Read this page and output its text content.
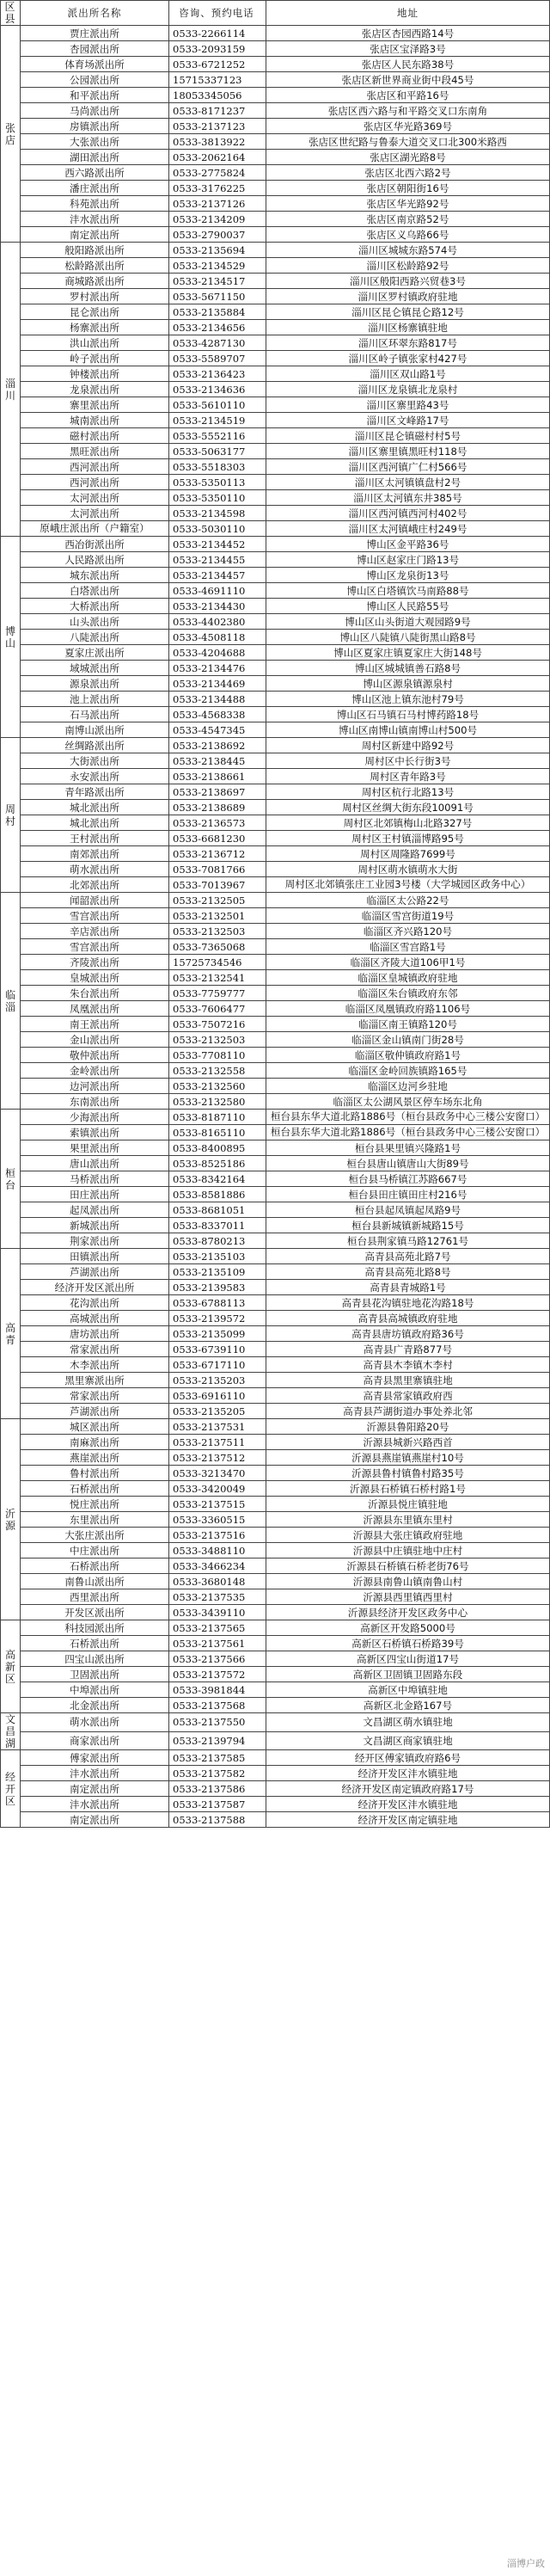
区县	派出所名称	咨询、预约电话	地址
张店	贾庄派出所	0533-2266114	张店区杏园西路14号
	杏园派出所	0533-2093159	张店区宝泽路3号
	体育场派出所	0533-6721252	张店区人民东路38号
	公园派出所	15715337123	张店区新世界商业街中段45号
	和平派出所	18053345056	张店区和平路16号
	马尚派出所	0533-8171237	张店区西六路与和平路交叉口东南角
	房镇派出所	0533-2137123	张店区华光路369号
	大张派出所	0533-3813922	张店区世纪路与鲁泰大道交叉口北300米路西
	湖田派出所	0533-2062164	张店区湖光路8号
	西六路派出所	0533-2775824	张店区北西六路2号
	潘庄派出所	0533-3176225	张店区朝阳街16号
	科苑派出所	0533-2137126	张店区华光路92号
	沣水派出所	0533-2134209	张店区南京路52号
	南定派出所	0533-2790037	张店区义乌路66号
淄川	般阳路派出所	0533-2135694	淄川区城城东路574号
	松龄路派出所	0533-2134529	淄川区松龄路92号
	商城路派出所	0533-2134517	淄川区般阳西路兴贸巷3号
	罗村派出所	0533-5671150	淄川区罗村镇政府驻地
	昆仑派出所	0533-2135884	淄川区昆仑镇昆仑路12号
	杨寨派出所	0533-2134656	淄川区杨寨镇驻地
	洪山派出所	0533-4287130	淄川区环翠东路817号
	岭子派出所	0533-5589707	淄川区岭子镇张家村427号
	钟楼派出所	0533-2136423	淄川区双山路1号
	龙泉派出所	0533-2134636	淄川区龙泉镇北龙泉村
	寨里派出所	0533-5610110	淄川区寨里路43号
	城南派出所	0533-2134519	淄川区文峰路17号
	磁村派出所	0533-5552116	淄川区昆仑镇磁村村5号
	黑旺派出所	0533-5063177	淄川区寨里镇黑旺村118号
	西河派出所	0533-5518303	淄川区西河镇广仁村566号
	西河派出所	0533-5350113	淄川区太河镇镇盘村2号
	太河派出所	0533-5350110	淄川区太河镇东井385号
	太河派出所	0533-2134598	淄川区西河镇西河村402号
	原峨庄派出所（户籍室）	0533-5030110	淄川区太河镇峨庄村249号
博山	西冶街派出所	0533-2134452	博山区金平路36号
	人民路派出所	0533-2134455	博山区赵家庄门路13号
	城东派出所	0533-2134457	博山区龙泉街13号
	白塔派出所	0533-4691110	博山区白塔镇饮马南路88号
	大桥派出所	0533-2134430	博山区人民路55号
	山头派出所	0533-4402380	博山区山头街道大观园路9号
	八陡派出所	0533-4508118	博山区八陡镇八陡街黑山路8号
	夏家庄派出所	0533-4204688	博山区夏家庄镇夏家庄大街148号
	域城派出所	0533-2134476	博山区城城镇善石路8号
	源泉派出所	0533-2134469	博山区源泉镇源泉村
	池上派出所	0533-2134488	博山区池上镇东池村79号
	石马派出所	0533-4568338	博山区石马镇石马村博药路18号
	南博山派出所	0533-4547345	博山区南博山镇南博山村500号
周村	丝绸路派出所	0533-2138692	周村区新建中路92号
	大街派出所	0533-2138445	周村区中长行街3号
	永安派出所	0533-2138661	周村区青年路3号
	青年路派出所	0533-2138697	周村区杭行北路13号
	城北派出所	0533-2138689	周村区丝绸大街东段10091号
	城北派出所	0533-2136573	周村区北郊镇梅山北路327号
	王村派出所	0533-6681230	周村区王村镇淄博路95号
	南郊派出所	0533-2136712	周村区周隆路7699号
	萌水派出所	0533-7081766	周村区萌水镇萌水大街
	北郊派出所	0533-7013967	周村区北郊镇张庄工业园3号楼（大学城园区政务中心）
临淄	闻韶派出所	0533-2132505	临淄区太公路22号
	雪宫派出所	0533-2132501	临淄区雪宫街道19号
	辛店派出所	0533-2132503	临淄区齐兴路120号
	雪宫派出所	0533-7365068	临淄区雪宫路1号
	齐陵派出所	15725734546	临淄区齐陵大道106甲1号
	皇城派出所	0533-2132541	临淄区皇城镇政府驻地
	朱台派出所	0533-7759777	临淄区朱台镇政府东邻
	凤凰派出所	0533-7606477	临淄区凤凰镇政府路1106号
	南王派出所	0533-7507216	临淄区南王镇路120号
	金山派出所	0533-2132503	临淄区金山镇南门街28号
	敬仲派出所	0533-7708110	临淄区敬仲镇政府路1号
	金岭派出所	0533-2132558	临淄区金岭回族镇路165号
	边河派出所	0533-2132560	临淄区边河乡驻地
	东南派出所	0533-2132580	临淄区太公湖风景区停车场东北角
桓台	少海派出所	0533-8187110	桓台县东华大道北路1886号（桓台县政务中心三楼公安窗口）
	索镇派出所	0533-8165110	桓台县东华大道北路1886号（桓台县政务中心三楼公安窗口）
	果里派出所	0533-8400895	桓台县果里镇兴隆路1号
	唐山派出所	0533-8525186	桓台县唐山镇唐山大街89号
	马桥派出所	0533-8342164	桓台县马桥镇江苏路667号
	田庄派出所	0533-8581886	桓台县田庄镇田庄村216号
	起凤派出所	0533-8681051	桓台县起凤镇起凤路9号
	新城派出所	0533-8337011	桓台县新城镇新城路15号
	荆家派出所	0533-8780213	桓台县荆家镇马路12761号
高青	田镇派出所	0533-2135103	高青县高苑北路7号
	芦湖派出所	0533-2135109	高青县高苑北路8号
	经济开发区派出所	0533-2139583	高青县青城路1号
	花沟派出所	0533-6788113	高青县花沟镇驻地花沟路18号
	高城派出所	0533-2139572	高青县高城镇政府驻地
	唐坊派出所	0533-2135099	高青县唐坊镇政府路36号
	常家派出所	0533-6739110	高青县广青路877号
	木李派出所	0533-6717110	高青县木李镇木李村
	黑里寨派出所	0533-2135203	高青县黑里寨镇驻地
	常家派出所	0533-6916110	高青县常家镇政府西
	芦湖派出所	0533-2135205	高青县芦湖街道办事处养北邻
沂源	城区派出所	0533-2137531	沂源县鲁阳路20号
	南麻派出所	0533-2137511	沂源县城新兴路西首
	燕崖派出所	0533-2137512	沂源县燕崖镇燕崖村10号
	鲁村派出所	0533-3213470	沂源县鲁村镇鲁村路35号
	石桥派出所	0533-3420049	沂源县石桥镇石桥村路1号
	悦庄派出所	0533-2137515	沂源县悦庄镇驻地
	东里派出所	0533-3360515	沂源县东里镇东里村
	大张庄派出所	0533-2137516	沂源县大张庄镇政府驻地
	中庄派出所	0533-3488110	沂源县中庄镇驻地中庄村
	石桥派出所	0533-3466234	沂源县石桥镇石桥老街76号
	南鲁山派出所	0533-3680148	沂源县南鲁山镇南鲁山村
	西里派出所	0533-2137535	沂源县西里镇西里村
	开发区派出所	0533-3439110	沂源县经济开发区政务中心
高新区	科技园派出所	0533-2137565	高新区开发路5000号
	石桥派出所	0533-2137561	高新区石桥镇石桥路39号
	四宝山派出所	0533-2137566	高新区四宝山街道17号
	卫固派出所	0533-2137572	高新区卫固镇卫固路东段
	中埠派出所	0533-3981844	高新区中埠镇驻地
	北金派出所	0533-2137568	高新区北金路167号
文昌湖	萌水派出所	0533-2137550	文昌湖区萌水镇驻地
	商家派出所	0533-2139794	文昌湖区商家镇驻地
经开区	傅家派出所	0533-2137585	经开区傅家镇政府路6号
	沣水派出所	0533-2137582	经济开发区沣水镇驻地
	南定派出所	0533-2137586	经济开发区南定镇政府路17号
	沣水派出所	0533-2137587	经济开发区沣水镇驻地
	南定派出所	0533-2137588	经济开发区南定镇驻地
淄博户政
